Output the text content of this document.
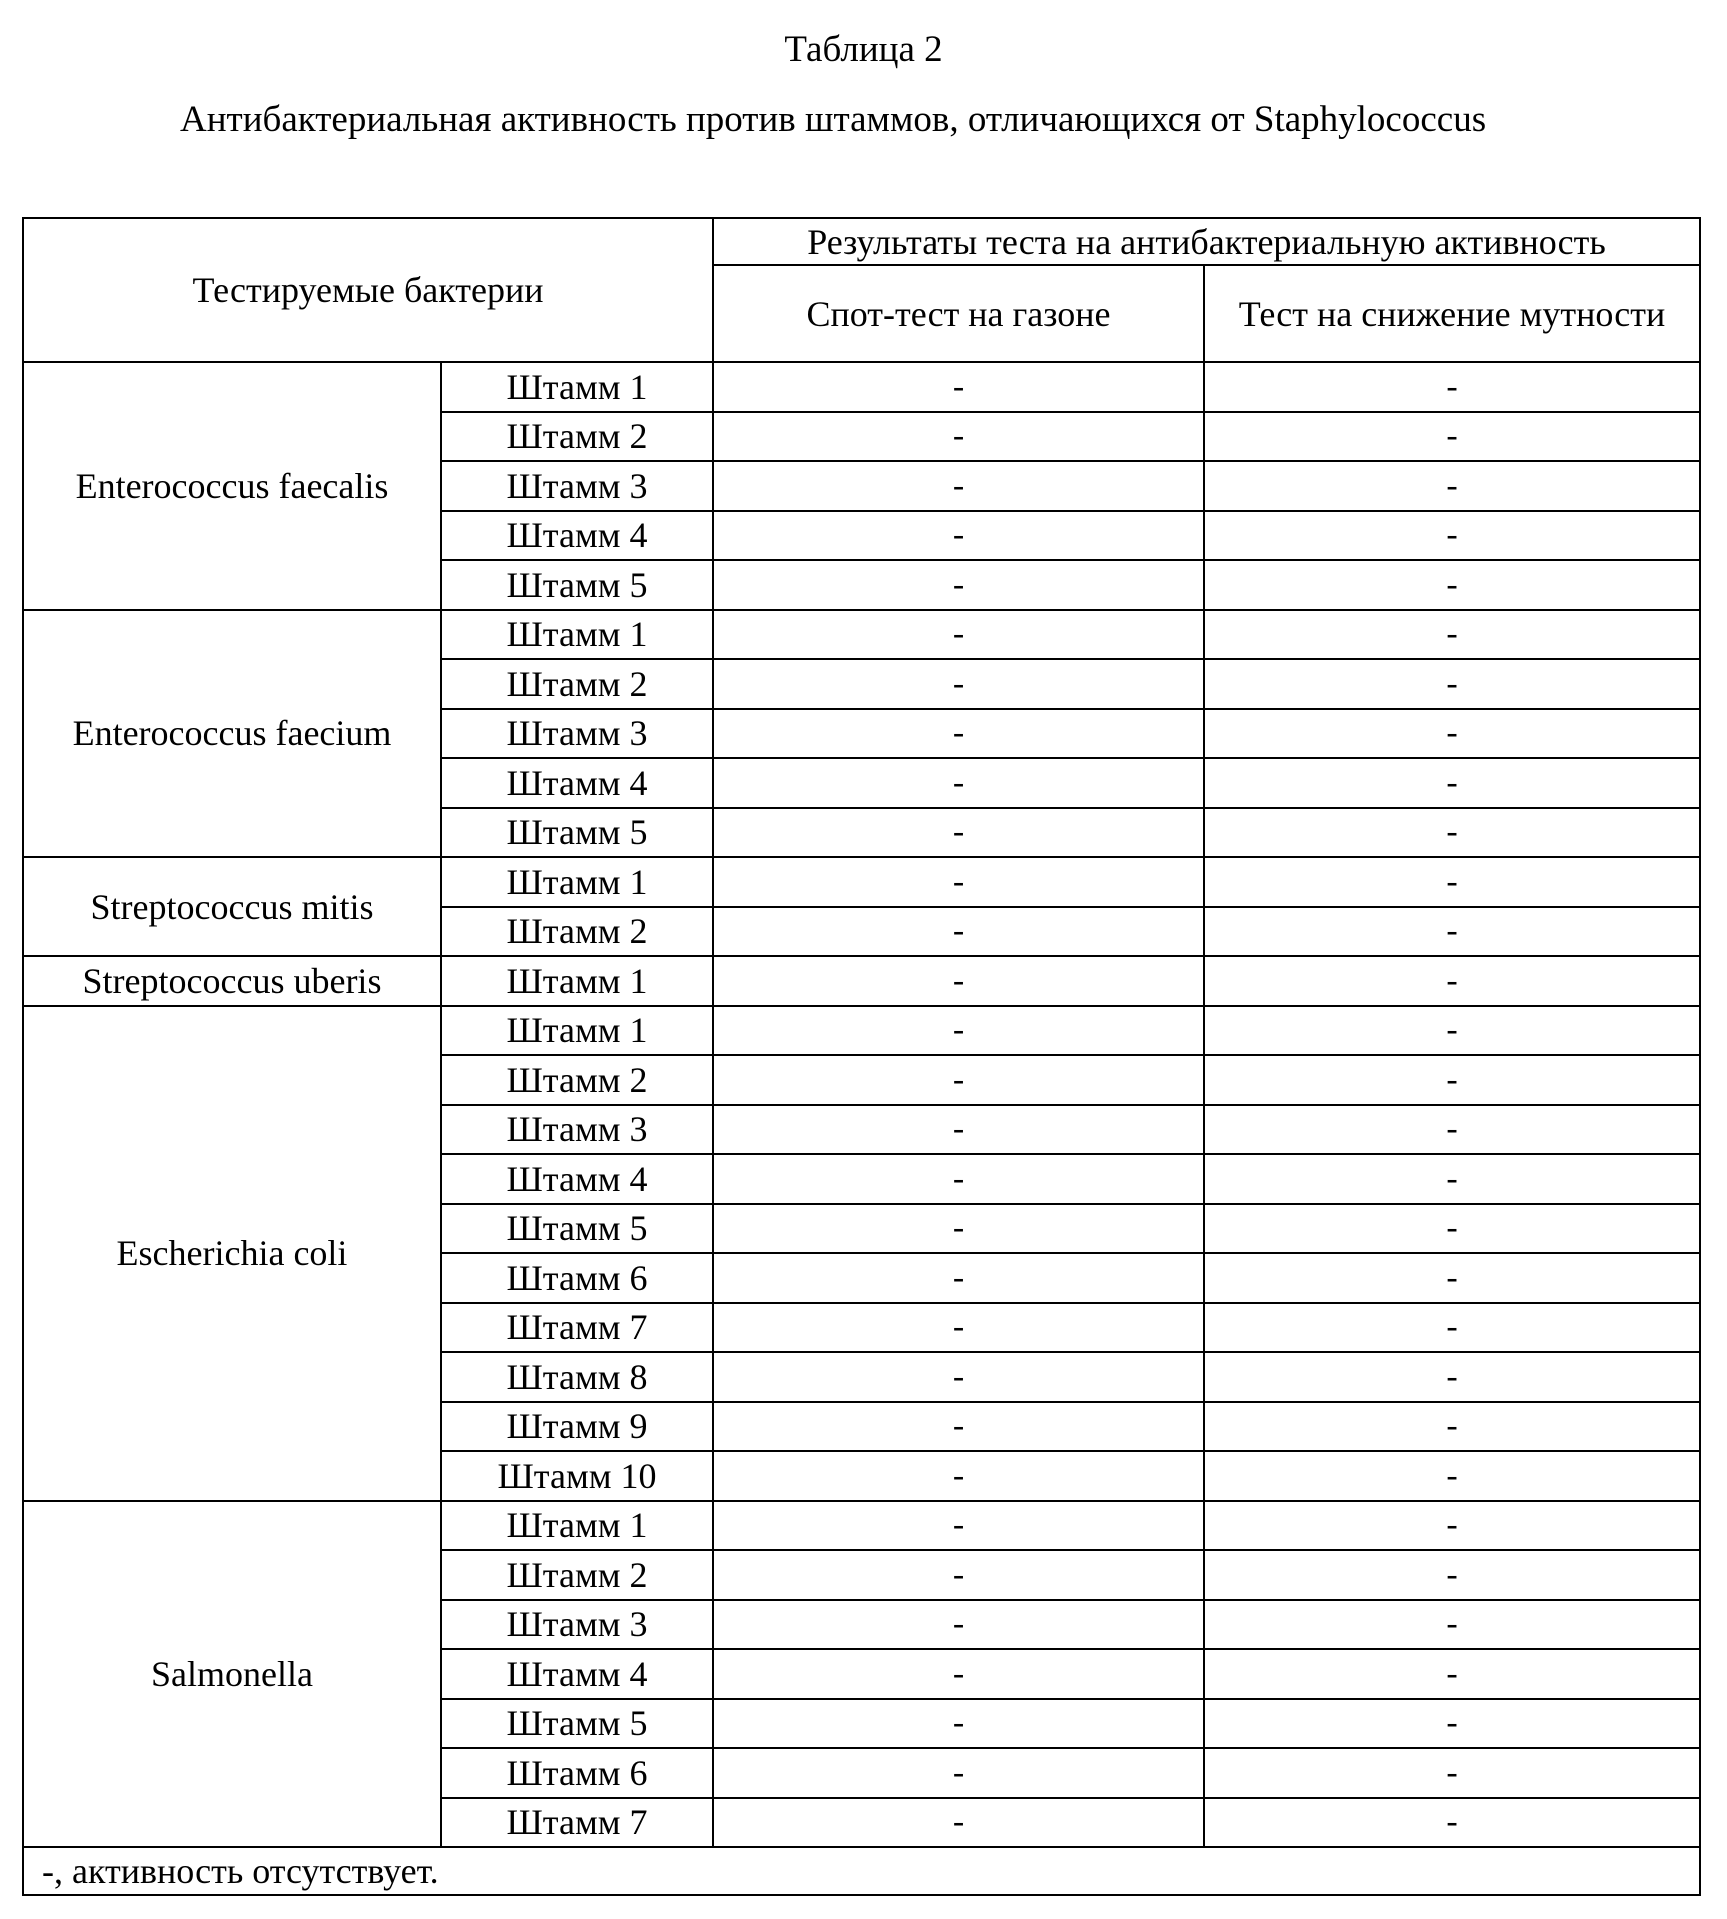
Таблица 2
Антибактериальная активность против штаммов, отличающихся от Staphylococcus
Тестируемые бактерии		Результаты теста на антибактериальную активность	
		Спот-тест на газоне	Тест на снижение мутности
Enterococcus faecalis	Штамм 1	-	-
	Штамм 2	-	-
	Штамм 3	-	-
	Штамм 4	-	-
	Штамм 5	-	-
Enterococcus faecium	Штамм 1	-	-
	Штамм 2	-	-
	Штамм 3	-	-
	Штамм 4	-	-
	Штамм 5	-	-
Streptococcus mitis	Штамм 1	-	-
	Штамм 2	-	-
Streptococcus uberis	Штамм 1	-	-
Escherichia coli	Штамм 1	-	-
	Штамм 2	-	-
	Штамм 3	-	-
	Штамм 4	-	-
	Штамм 5	-	-
	Штамм 6	-	-
	Штамм 7	-	-
	Штамм 8	-	-
	Штамм 9	-	-
	Штамм 10	-	-
Salmonella	Штамм 1	-	-
	Штамм 2	-	-
	Штамм 3	-	-
	Штамм 4	-	-
	Штамм 5	-	-
	Штамм 6	-	-
	Штамм 7	-	-
-, активность отсутствует.			
